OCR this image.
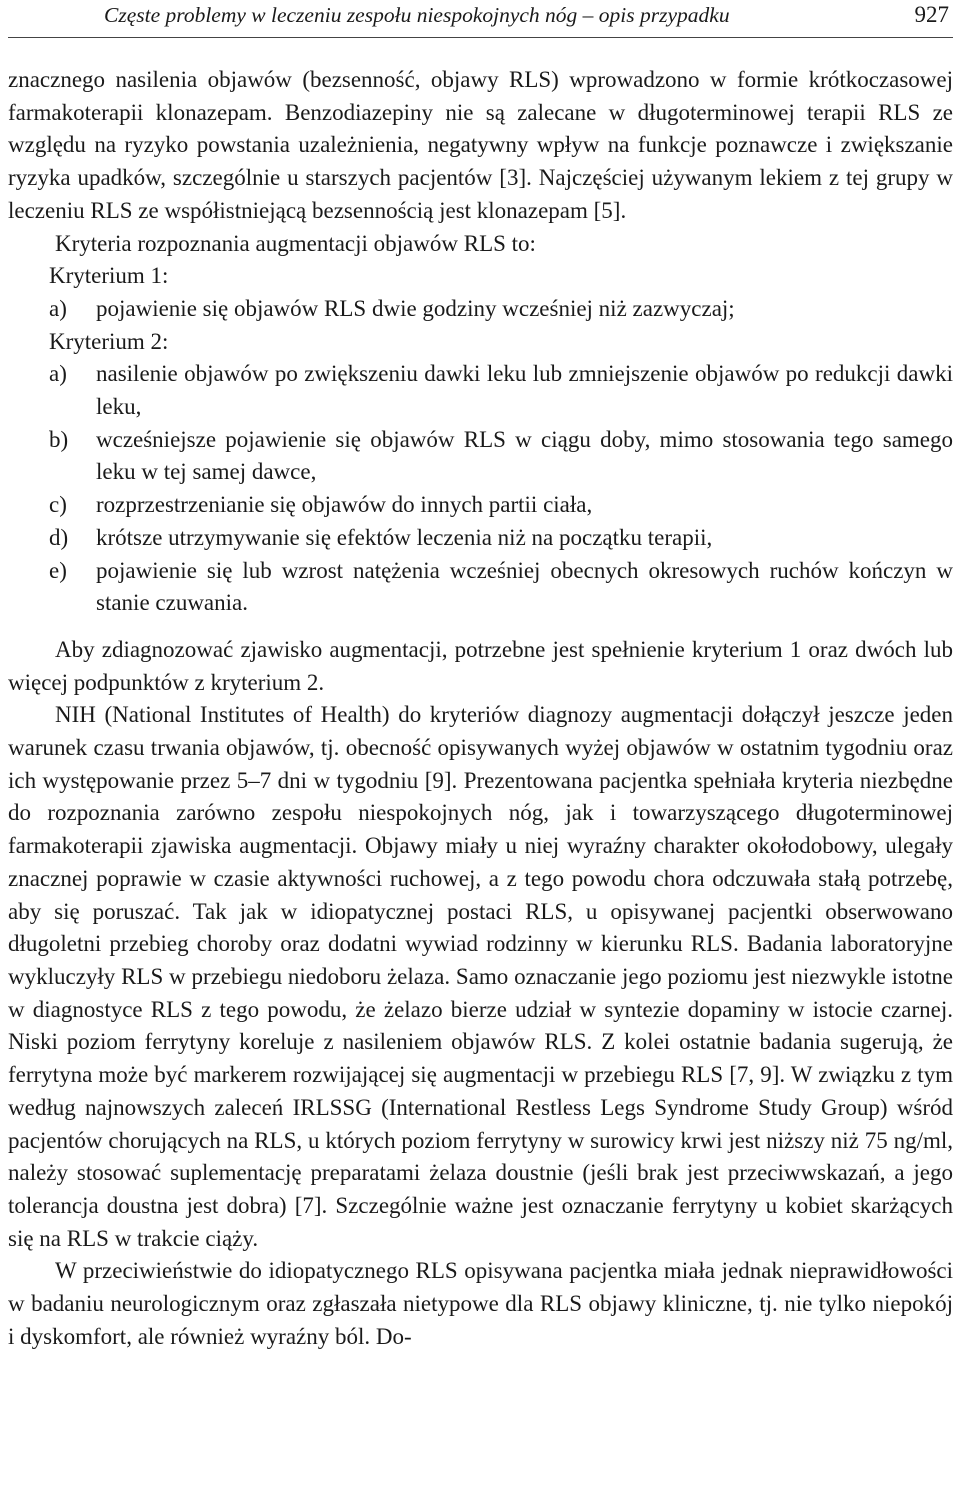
Częste problemy w leczeniu zespołu niespokojnych nóg – opis przypadku	927

znacznego nasilenia objawów (bezsenność, objawy RLS) wprowadzono w formie krótkoczasowej farmakoterapii klonazepam. Benzodiazepiny nie są zalecane w długoterminowej terapii RLS ze względu na ryzyko powstania uzależnienia, negatywny wpływ na funkcje poznawcze i zwiększanie ryzyka upadków, szczególnie u starszych pacjentów [3]. Najczęściej używanym lekiem z tej grupy w leczeniu RLS ze współistniejącą bezsennością jest klonazepam [5].

Kryteria rozpoznania augmentacji objawów RLS to:

Kryterium 1:
a)	pojawienie się objawów RLS dwie godziny wcześniej niż zazwyczaj;
Kryterium 2:
a)	nasilenie objawów po zwiększeniu dawki leku lub zmniejszenie objawów po redukcji dawki leku,
b)	wcześniejsze pojawienie się objawów RLS w ciągu doby, mimo stosowania tego samego leku w tej samej dawce,
c)	rozprzestrzenianie się objawów do innych partii ciała,
d)	krótsze utrzymywanie się efektów leczenia niż na początku terapii,
e)	pojawienie się lub wzrost natężenia wcześniej obecnych okresowych ruchów kończyn w stanie czuwania.

Aby zdiagnozować zjawisko augmentacji, potrzebne jest spełnienie kryterium 1 oraz dwóch lub więcej podpunktów z kryterium 2.

NIH (National Institutes of Health) do kryteriów diagnozy augmentacji dołączył jeszcze jeden warunek czasu trwania objawów, tj. obecność opisywanych wyżej objawów w ostatnim tygodniu oraz ich występowanie przez 5–7 dni w tygodniu [9]. Prezentowana pacjentka spełniała kryteria niezbędne do rozpoznania zarówno zespołu niespokojnych nóg, jak i towarzyszącego długoterminowej farmakoterapii zjawiska augmentacji. Objawy miały u niej wyraźny charakter okołodobowy, ulegały znacznej poprawie w czasie aktywności ruchowej, a z tego powodu chora odczuwała stałą potrzebę, aby się poruszać. Tak jak w idiopatycznej postaci RLS, u opisywanej pacjentki obserwowano długoletni przebieg choroby oraz dodatni wywiad rodzinny w kierunku RLS. Badania laboratoryjne wykluczyły RLS w przebiegu niedoboru żelaza. Samo oznaczanie jego poziomu jest niezwykle istotne w diagnostyce RLS z tego powodu, że żelazo bierze udział w syntezie dopaminy w istocie czarnej. Niski poziom ferrytyny koreluje z nasileniem objawów RLS. Z kolei ostatnie badania sugerują, że ferrytyna może być markerem rozwijającej się augmentacji w przebiegu RLS [7, 9]. W związku z tym według najnowszych zaleceń IRLSSG (International Restless Legs Syndrome Study Group) wśród pacjentów chorujących na RLS, u których poziom ferrytyny w surowicy krwi jest niższy niż 75 ng/ml, należy stosować suplementację preparatami żelaza doustnie (jeśli brak jest przeciwwskazań, a jego tolerancja doustna jest dobra) [7]. Szczególnie ważne jest oznaczanie ferrytyny u kobiet skarżących się na RLS w trakcie ciąży.

W przeciwieństwie do idiopatycznego RLS opisywana pacjentka miała jednak nieprawidłowości w badaniu neurologicznym oraz zgłaszała nietypowe dla RLS objawy kliniczne, tj. nie tylko niepokój i dyskomfort, ale również wyraźny ból. Do-
